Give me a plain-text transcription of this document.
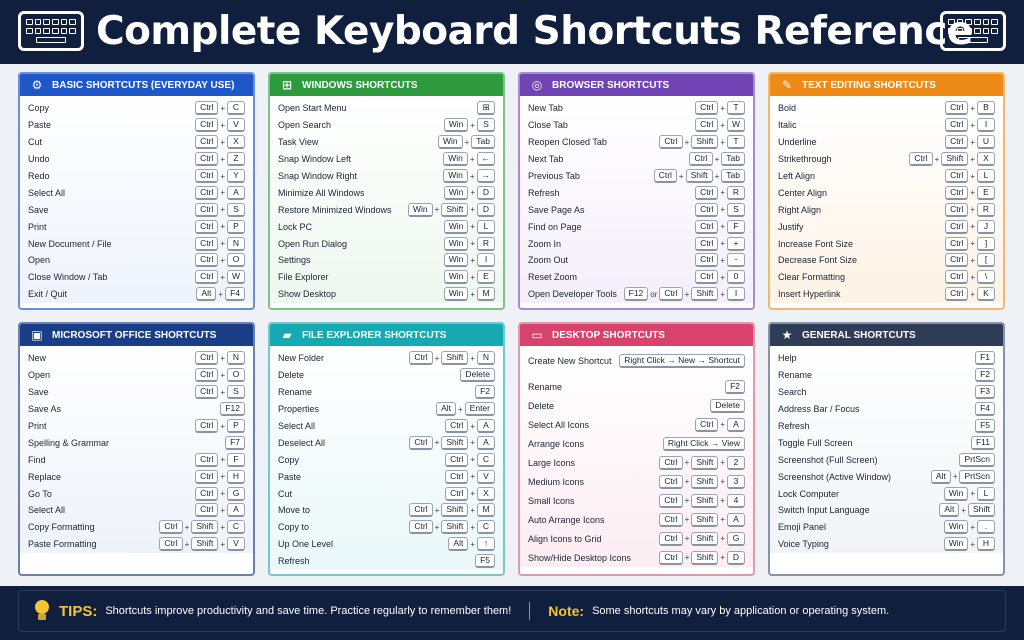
Complete Keyboard Shortcuts Reference
⚙ BASIC SHORTCUTS (EVERYDAY USE)
Copy	Ctrl + C
Paste	Ctrl + V
Cut	Ctrl + X
Undo	Ctrl + Z
Redo	Ctrl + Y
Select All	Ctrl + A
Save	Ctrl + S
Print	Ctrl + P
New Document / File	Ctrl + N
Open	Ctrl + O
Close Window / Tab	Ctrl + W
Exit / Quit	Alt + F4
⊞ WINDOWS SHORTCUTS
Open Start Menu	⊞
Open Search	Win + S
Task View	Win + Tab
Snap Window Left	Win + ←
Snap Window Right	Win + →
Minimize All Windows	Win + D
Restore Minimized Windows	Win + Shift + D
Lock PC	Win +	L
Open Run Dialog	Win + R
Settings	Win +	I
File Explorer	Win + E
Show Desktop	Win + M
◎ BROWSER SHORTCUTS
New Tab	Ctrl + T
Close Tab	Ctrl + W
Reopen Closed Tab	Ctrl + Shift + T
Next Tab	Ctrl + Tab
Previous Tab	Ctrl + Shift + Tab
Refresh	Ctrl + R
Save Page As	Ctrl + S
Find on Page	Ctrl + F
Zoom In	Ctrl +	+
Zoom Out	Ctrl +	-
Reset Zoom	Ctrl +	0
Open Developer Tools	F12 or Ctrl + Shift +	I
✎ TEXT EDITING SHORTCUTS
Bold	Ctrl + B
Italic	Ctrl +	I
Underline	Ctrl + U
Strikethrough	Ctrl + Shift + X
Left Align	Ctrl +	L
Center Align	Ctrl + E
Right Align	Ctrl + R
Justify	Ctrl +	J
Increase Font Size	Ctrl +	]
Decrease Font Size	Ctrl +	[
Clear Formatting	Ctrl +	\
Insert Hyperlink	Ctrl + K
▣ MICROSOFT OFFICE SHORTCUTS
New	Ctrl + N
Open	Ctrl + O
Save	Ctrl + S
Save As	F12
Print	Ctrl + P
Spelling & Grammar	F7
Find	Ctrl + F
Replace	Ctrl + H
Go To	Ctrl + G
Select All	Ctrl + A
Copy Formatting	Ctrl + Shift + C
Paste Formatting	Ctrl + Shift + V
▰ FILE EXPLORER SHORTCUTS
New Folder	Ctrl + Shift + N
Delete	Delete
Rename	F2
Properties	Alt + Enter
Select All	Ctrl + A
Deselect All	Ctrl + Shift + A
Copy	Ctrl + C
Paste	Ctrl + V
Cut	Ctrl + X
Move to	Ctrl + Shift + M
Copy to	Ctrl + Shift + C
Up One Level	Alt +	↑
Refresh	F5
▭ DESKTOP SHORTCUTS
Create New Shortcut	Right Click → New → Shortcut
Rename	F2
Delete	Delete
Select All Icons	Ctrl + A
Arrange Icons	Right Click → View
Large Icons	Ctrl + Shift +	2
Medium Icons	Ctrl + Shift +	3
Small Icons	Ctrl + Shift +	4
Auto Arrange Icons	Ctrl + Shift + A
Align Icons to Grid	Ctrl + Shift + G
Show/Hide Desktop Icons	Ctrl + Shift + D
★ GENERAL SHORTCUTS
Help	F1
Rename	F2
Search	F3
Address Bar / Focus	F4
Refresh	F5
Toggle Full Screen	F11
Screenshot (Full Screen)	PrtScn
Screenshot (Active Window)	Alt + PrtScn
Lock Computer	Win +	L
Switch Input Language	Alt + Shift
Emoji Panel	Win +	.
Voice Typing	Win + H
TIPS: Shortcuts improve productivity and save time. Practice regularly to remember them!	Note: Some shortcuts may vary by application or operating system.
